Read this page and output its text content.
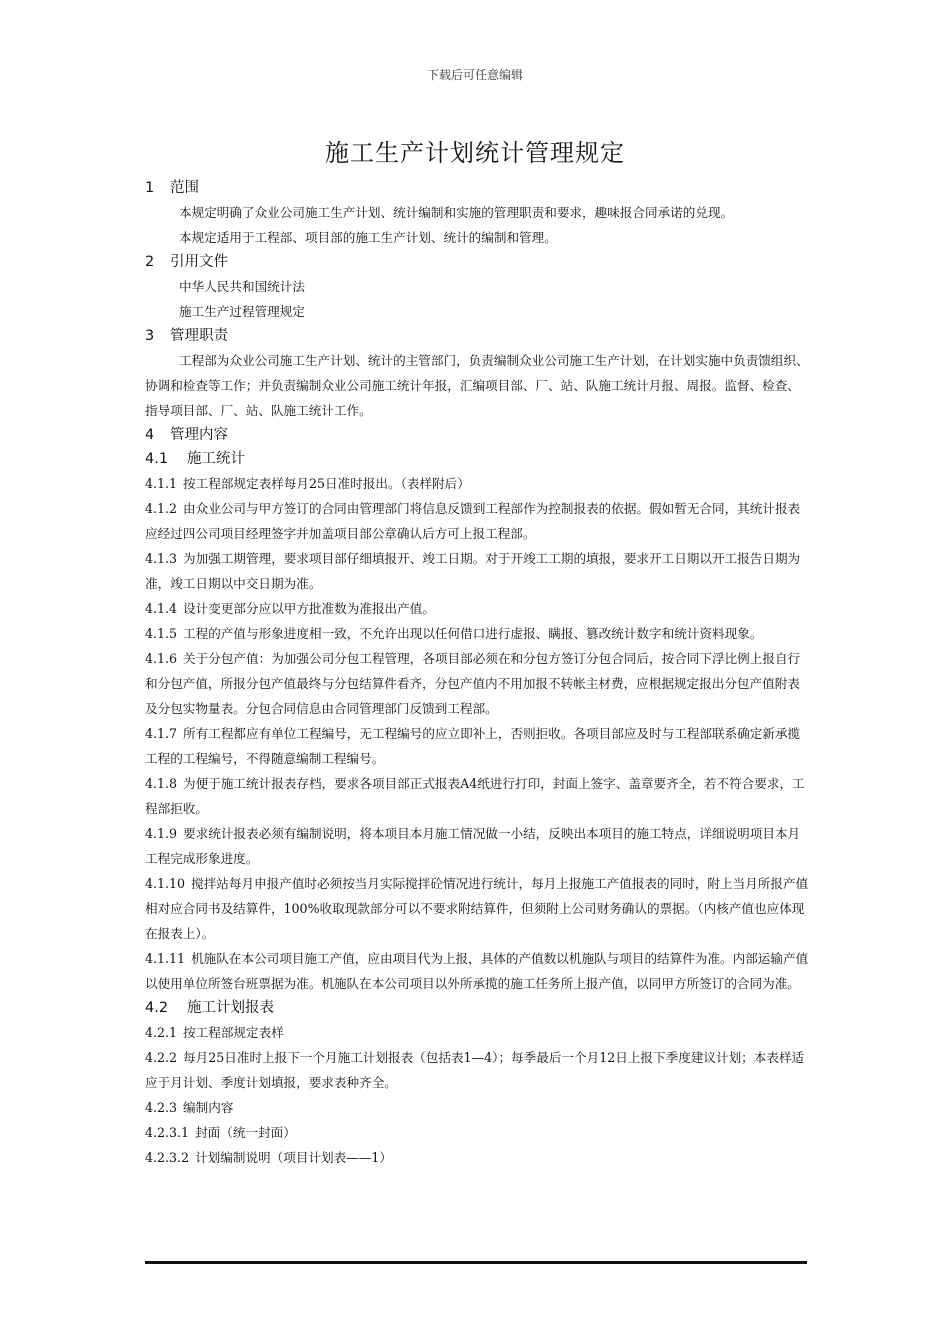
下载后可任意编辑
施工生产计划统计管理规定
1 范围

本规定明确了众业公司施工生产计划、统计编制和实施的管理职责和要求，趣味报合同承诺的兑现。

本规定适用于工程部、项目部的施工生产计划、统计的编制和管理。

2 引用文件

中华人民共和国统计法

施工生产过程管理规定

3 管理职责

工程部为众业公司施工生产计划、统计的主管部门，负责编制众业公司施工生产计划，在计划实施中负责馈组织、协调和检查等工作；并负责编制众业公司施工统计年报，汇编项目部、厂、站、队施工统计月报、周报。监督、检查、指导项目部、厂、站、队施工统计工作。

4 管理内容
4.1 施工统计

4.1.1 按工程部规定表样每月25日准时报出。（表样附后）

4.1.2 由众业公司与甲方签订的合同由管理部门将信息反馈到工程部作为控制报表的依据。假如暂无合同，其统计报表应经过四公司项目经理签字并加盖项目部公章确认后方可上报工程部。

4.1.3 为加强工期管理，要求项目部仔细填报开、竣工日期。对于开竣工工期的填报，要求开工日期以开工报告日期为准，竣工日期以中交日期为准。

4.1.4 设计变更部分应以甲方批准数为准报出产值。

4.1.5 工程的产值与形象进度相一致，不允许出现以任何借口进行虚报、瞒报、篡改统计数字和统计资料现象。

4.1.6 关于分包产值：为加强公司分包工程管理，各项目部必须在和分包方签订分包合同后，按合同下浮比例上报自行和分包产值，所报分包产值最终与分包结算件看齐，分包产值内不用加报不转帐主材费，应根据规定报出分包产值附表及分包实物量表。分包合同信息由合同管理部门反馈到工程部。

4.1.7 所有工程都应有单位工程编号，无工程编号的应立即补上，否则拒收。各项目部应及时与工程部联系确定新承揽工程的工程编号，不得随意编制工程编号。

4.1.8 为便于施工统计报表存档，要求各项目部正式报表A4纸进行打印，封面上签字、盖章要齐全，若不符合要求，工程部拒收。

4.1.9 要求统计报表必须有编制说明，将本项目本月施工情况做一小结，反映出本项目的施工特点，详细说明项目本月工程完成形象进度。

4.1.10 搅拌站每月申报产值时必须按当月实际搅拌砼情况进行统计，每月上报施工产值报表的同时，附上当月所报产值相对应合同书及结算件，100%收取现款部分可以不要求附结算件，但须附上公司财务确认的票据。（内核产值也应体现在报表上）。

4.1.11 机施队在本公司项目施工产值，应由项目代为上报，具体的产值数以机施队与项目的结算件为准。内部运输产值以使用单位所签台班票据为准。机施队在本公司项目以外所承揽的施工任务所上报产值，以同甲方所签订的合同为准。

4.2 施工计划报表

4.2.1 按工程部规定表样

4.2.2 每月25日准时上报下一个月施工计划报表（包括表1—4）；每季最后一个月12日上报下季度建议计划；本表样适应于月计划、季度计划填报，要求表种齐全。

4.2.3 编制内容

4.2.3.1 封面（统一封面）

4.2.3.2 计划编制说明（项目计划表——1）
